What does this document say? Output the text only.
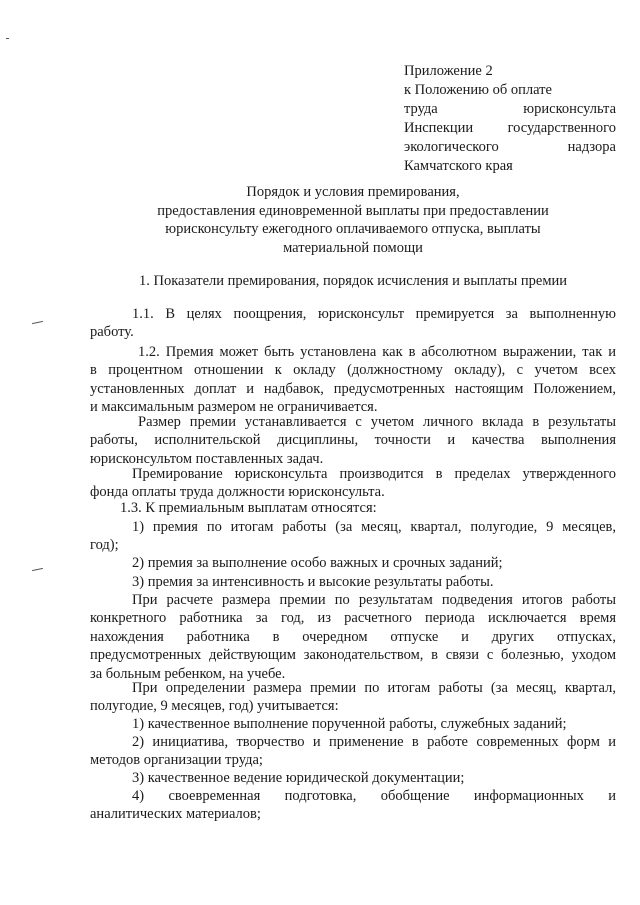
Приложение 2
к Положению об оплате
труда юрисконсульта
Инспекции государственного
экологического надзора
Камчатского края
Порядок и условия премирования,
предоставления единовременной выплаты при предоставлении
юрисконсульту ежегодного оплачиваемого отпуска, выплаты
материальной помощи
1. Показатели премирования, порядок исчисления и выплаты премии
1.1. В целях поощрения, юрисконсульт премируется за выполненную
работу.
1.2. Премия может быть установлена как в абсолютном выражении, так и
в процентном отношении к окладу (должностному окладу), с учетом всех
установленных доплат и надбавок, предусмотренных настоящим Положением,
и максимальным размером не ограничивается.
Размер премии устанавливается с учетом личного вклада в результаты
работы, исполнительской дисциплины, точности и качества выполнения
юрисконсультом поставленных задач.
Премирование юрисконсульта производится в пределах утвержденного
фонда оплаты труда должности юрисконсульта.
1.3. К премиальным выплатам относятся:
1) премия по итогам работы (за месяц, квартал, полугодие, 9 месяцев,
год);
2) премия за выполнение особо важных и срочных заданий;
3) премия за интенсивность и высокие результаты работы.
При расчете размера премии по результатам подведения итогов работы
конкретного работника за год, из расчетного периода исключается время
нахождения работника в очередном отпуске и других отпусках,
предусмотренных действующим законодательством, в связи с болезнью, уходом
за больным ребенком, на учебе.
При определении размера премии по итогам работы (за месяц, квартал,
полугодие, 9 месяцев, год) учитывается:
1) качественное выполнение порученной работы, служебных заданий;
2) инициатива, творчество и применение в работе современных форм и
методов организации труда;
3) качественное ведение юридической документации;
4) своевременная подготовка, обобщение информационных и
аналитических материалов;
